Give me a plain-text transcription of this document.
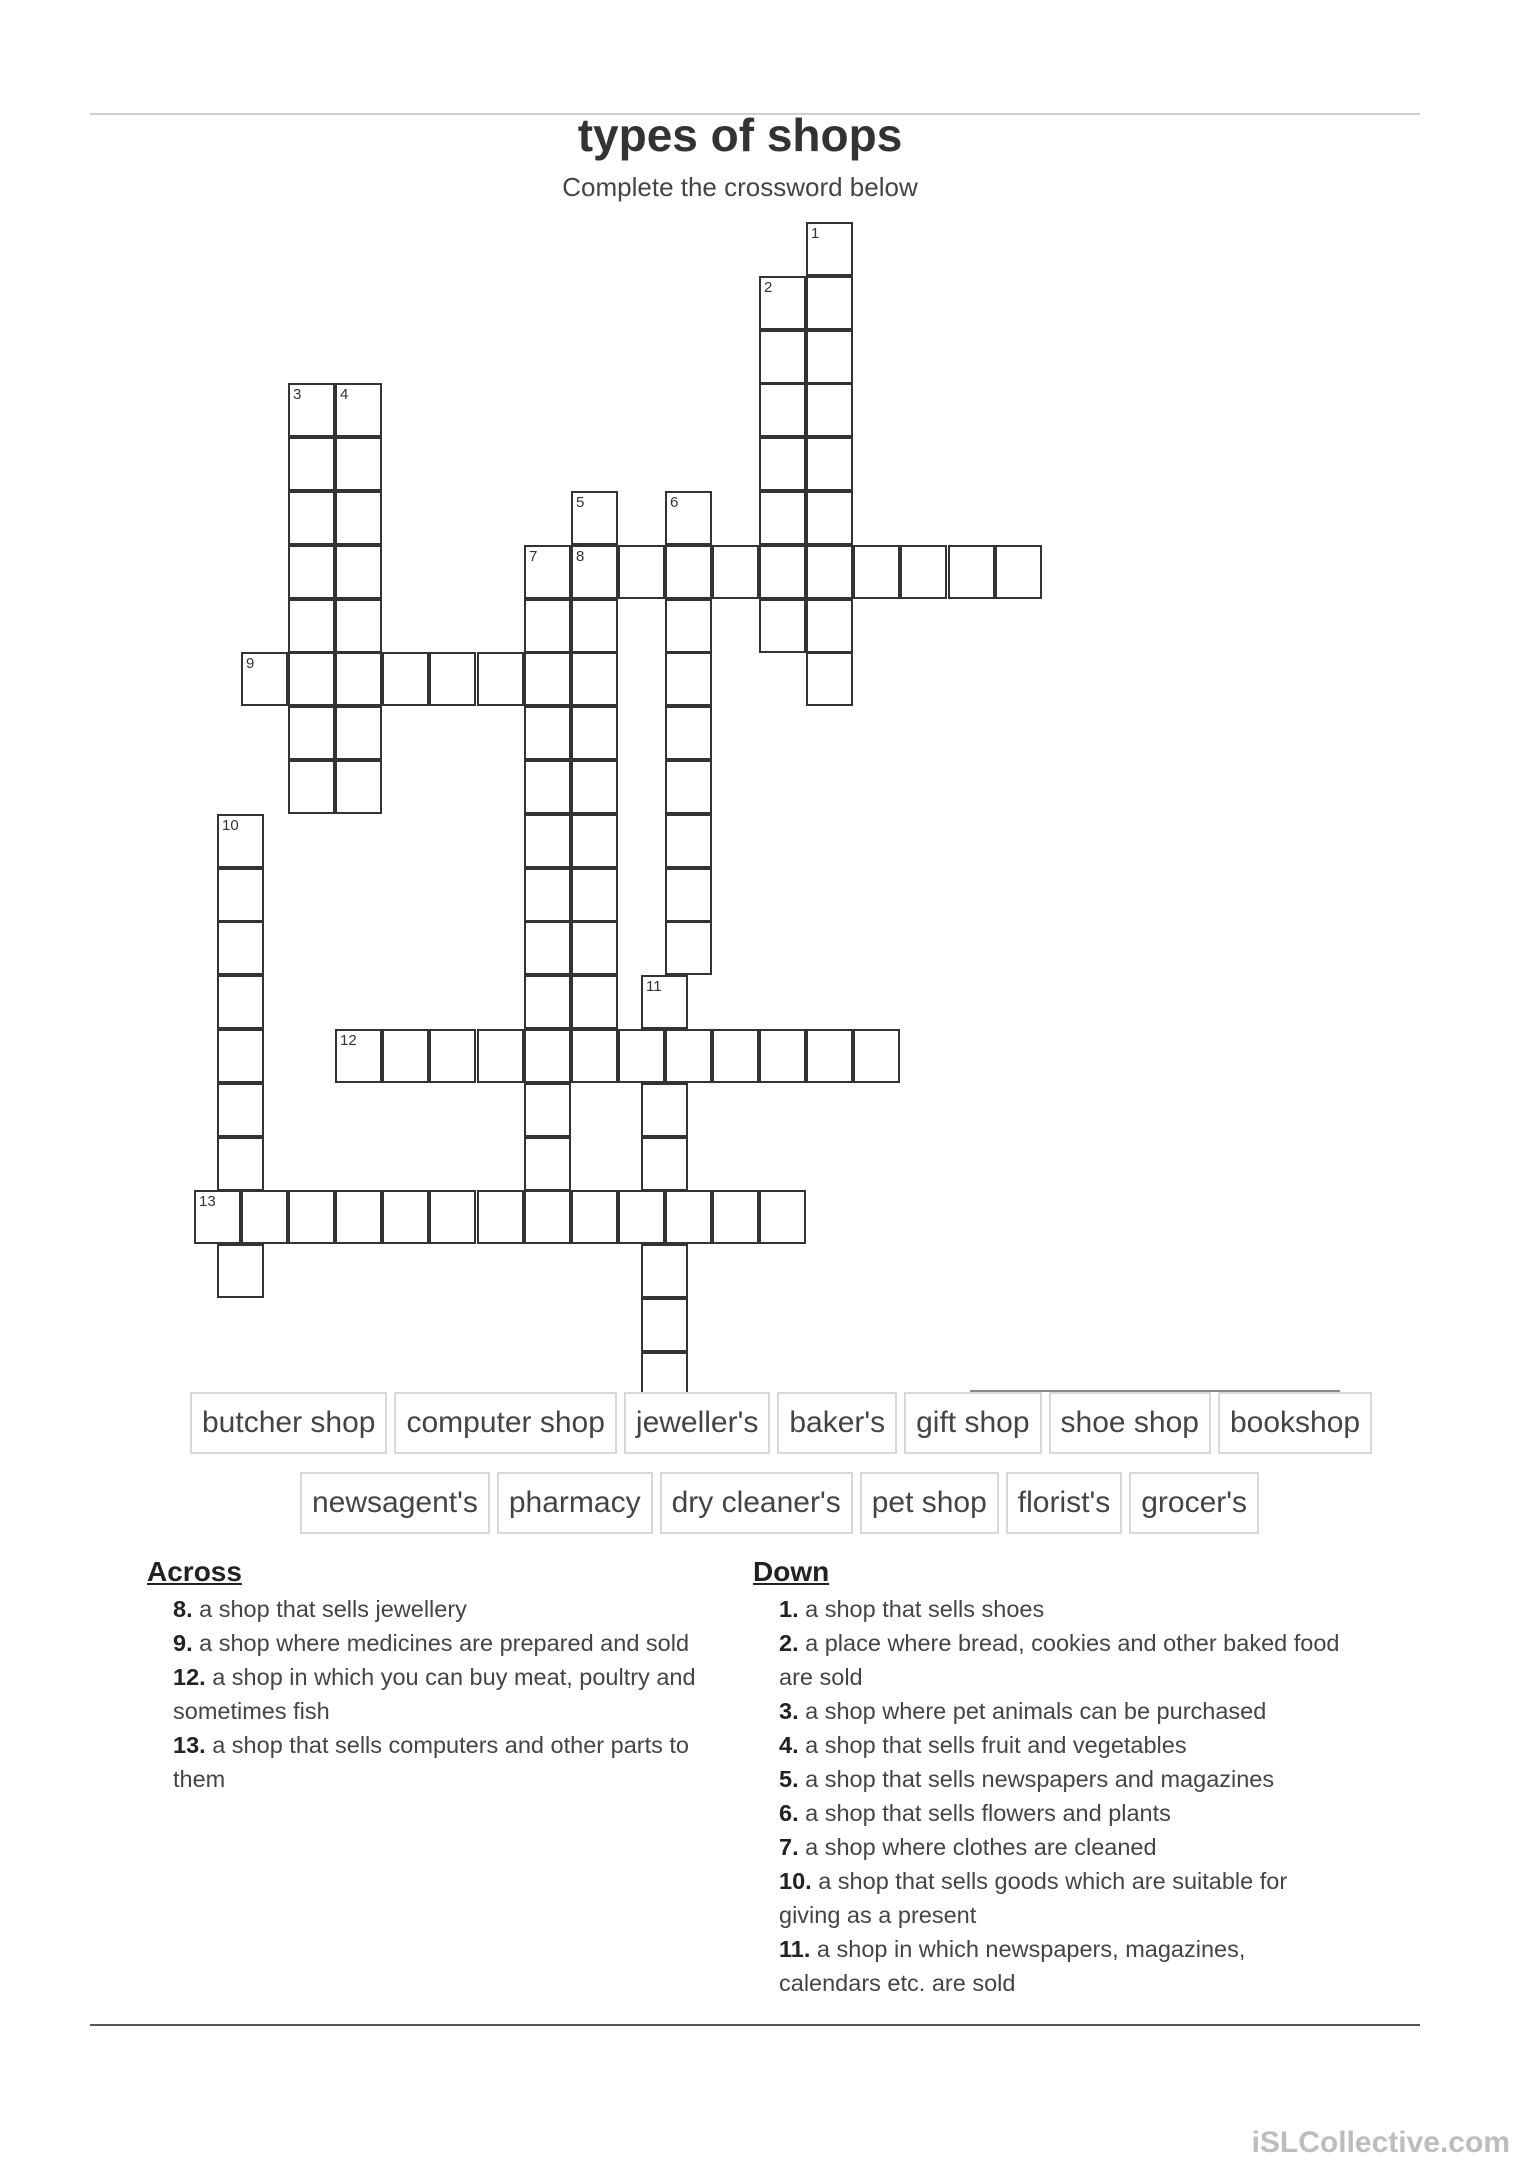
types of shops
Complete the crossword below
1
2
3	4
5
8
6
7
9
10
11
12
13
butcher shop	computer shop	jeweller's	baker's	gift shop	shoe shop	bookshop
newsagent's	pharmacy	dry cleaner's	pet shop	florist's	grocer's
Across
8. a shop that sells jewellery
9. a shop where medicines are prepared and sold
12. a shop in which you can buy meat, poultry and sometimes fish
13. a shop that sells computers and other parts to them
Down
1. a shop that sells shoes
2. a place where bread, cookies and other baked food are sold
3. a shop where pet animals can be purchased
4. a shop that sells fruit and vegetables
5. a shop that sells newspapers and magazines
6. a shop that sells flowers and plants
7. a shop where clothes are cleaned
10. a shop that sells goods which are suitable for giving as a present
11. a shop in which newspapers, magazines, calendars etc. are sold
iSLCollective.com
